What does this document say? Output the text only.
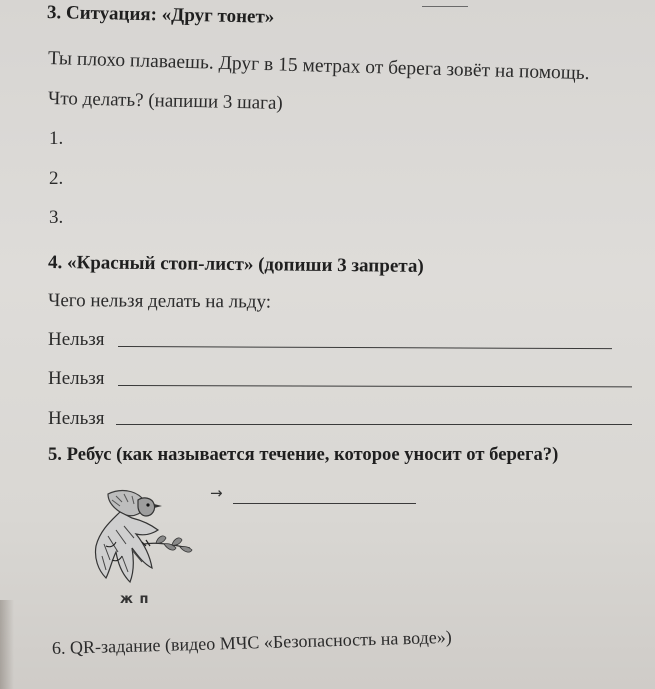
3. Ситуация: «Друг тонет»
Ты плохо плаваешь. Друг в 15 метрах от берега зовёт на помощь.
Что делать? (напиши 3 шага)
1.
2.
3.
4. «Красный стоп-лист» (допиши 3 запрета)
Чего нельзя делать на льду:
Нельзя
Нельзя
Нельзя
5. Ребус (как называется течение, которое уносит от берега?)
→
ж п
6. QR-задание (видео МЧС «Безопасность на воде»)
